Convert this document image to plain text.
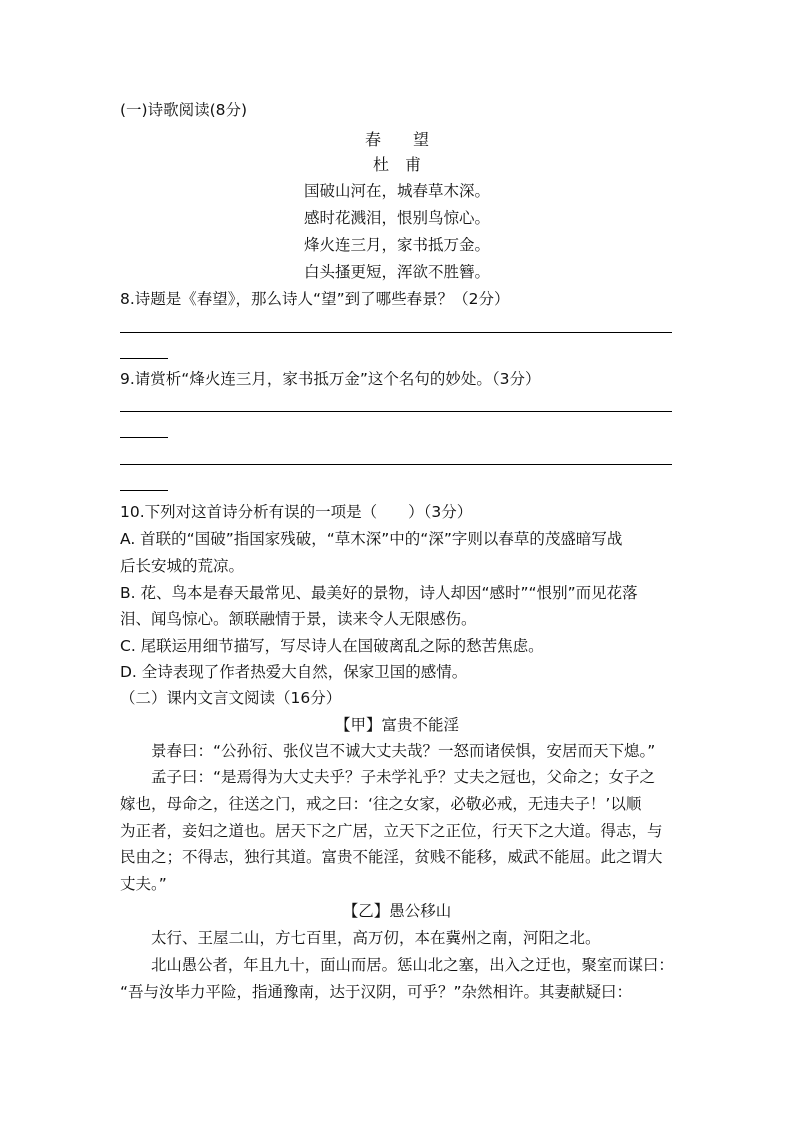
(一)诗歌阅读(8分)
春　　望
杜　甫
国破山河在，城春草木深。
感时花溅泪，恨别鸟惊心。
烽火连三月，家书抵万金。
白头搔更短，浑欲不胜簪。
8.诗题是《春望》，那么诗人“望”到了哪些春景？（2分）
9.请赏析“烽火连三月，家书抵万金”这个名句的妙处。（3分）
10.下列对这首诗分析有误的一项是（　　）（3分）
A. 首联的“国破”指国家残破，“草木深”中的“深”字则以春草的茂盛暗写战
后长安城的荒凉。
B. 花、鸟本是春天最常见、最美好的景物，诗人却因“感时”“恨别”而见花落
泪、闻鸟惊心。颔联融情于景，读来令人无限感伤。
C. 尾联运用细节描写，写尽诗人在国破离乱之际的愁苦焦虑。
D. 全诗表现了作者热爱大自然，保家卫国的感情。
（二）课内文言文阅读（16分）
【甲】富贵不能淫
景春曰：“公孙衍、张仪岂不诚大丈夫哉？一怒而诸侯惧，安居而天下熄。”
孟子曰：“是焉得为大丈夫乎？子未学礼乎？丈夫之冠也，父命之；女子之
嫁也，母命之，往送之门，戒之曰：‘往之女家，必敬必戒，无违夫子！’以顺
为正者，妾妇之道也。居天下之广居，立天下之正位，行天下之大道。得志，与
民由之；不得志，独行其道。富贵不能淫，贫贱不能移，威武不能屈。此之谓大
丈夫。”
【乙】愚公移山
太行、王屋二山，方七百里，高万仞，本在冀州之南，河阳之北。
北山愚公者，年且九十，面山而居。惩山北之塞，出入之迂也，聚室而谋曰：
“吾与汝毕力平险，指通豫南，达于汉阴，可乎？”杂然相许。其妻献疑曰：
